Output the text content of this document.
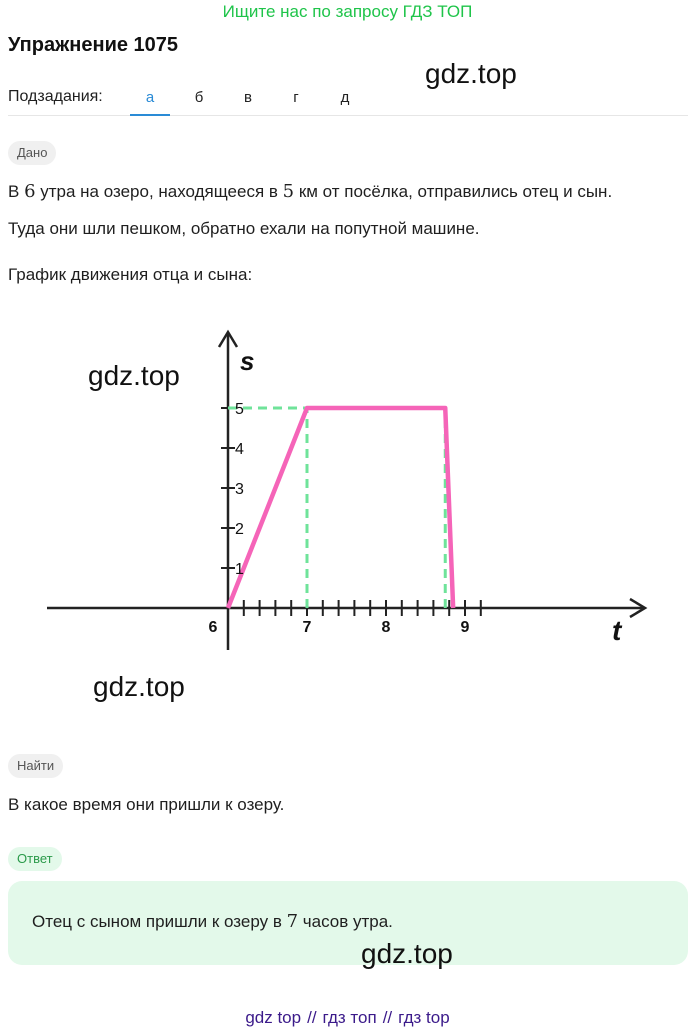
Ищите нас по запросу ГДЗ ТОП
Упражнение 1075
gdz.top
Подзадания:	а	б	в	г	д
Дано
В 6 утра на озеро, находящееся в 5 км от посёлка, отправились отец и сын.
Туда они шли пешком, обратно ехали на попутной машине.
График движения отца и сына:
1
2
3
4
5
6	7	8	9
s
t
gdz.top
gdz.top
Найти
В какое время они пришли к озеру.
Ответ
Отец с сыном пришли к озеру в 7 часов утра.
gdz.top
gdz top // гдз топ // гдз top
